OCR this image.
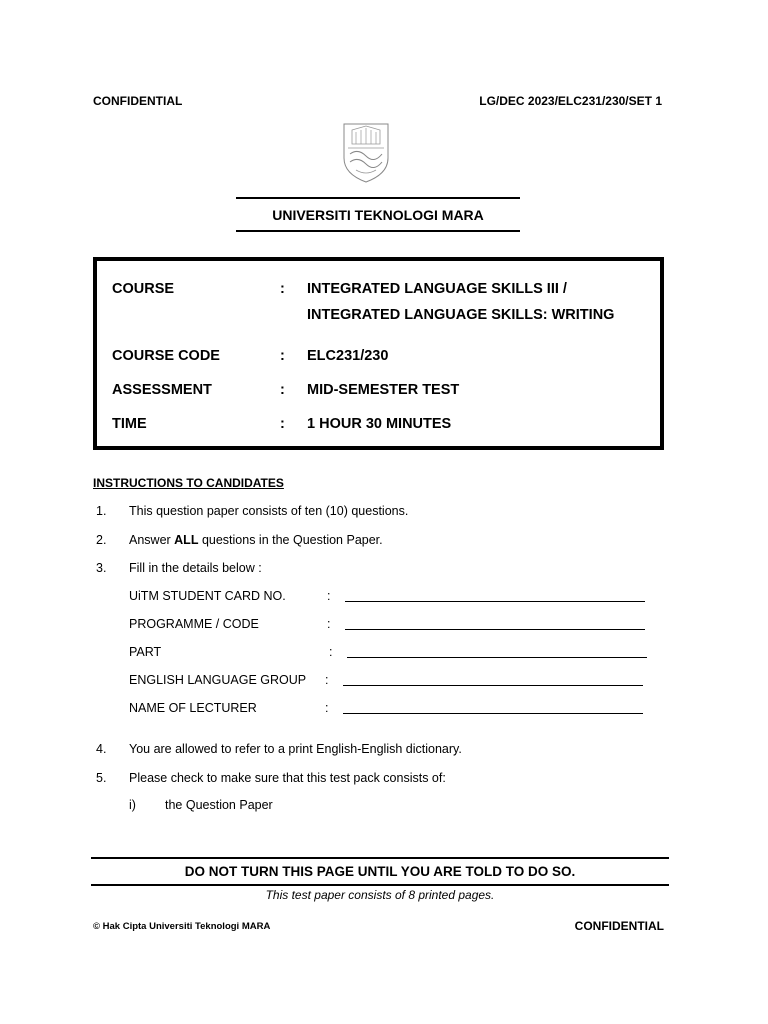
CONFIDENTIAL	LG/DEC 2023/ELC231/230/SET 1
UNIVERSITI TEKNOLOGI MARA
COURSE	: INTEGRATED LANGUAGE SKILLS III /
INTEGRATED LANGUAGE SKILLS: WRITING
COURSE CODE	: ELC231/230
ASSESSMENT	: MID-SEMESTER TEST
TIME	: 1 HOUR 30 MINUTES
INSTRUCTIONS TO CANDIDATES
1. This question paper consists of ten (10) questions.
2. Answer ALL questions in the Question Paper.
3. Fill in the details below :
UiTM STUDENT CARD NO.	:
PROGRAMME / CODE	:
PART	:
ENGLISH LANGUAGE GROUP :
NAME OF LECTURER	:
4. You are allowed to refer to a print English-English dictionary.
5. Please check to make sure that this test pack consists of:
i) the Question Paper
DO NOT TURN THIS PAGE UNTIL YOU ARE TOLD TO DO SO.
This test paper consists of 8 printed pages.
© Hak Cipta Universiti Teknologi MARA	CONFIDENTIAL
